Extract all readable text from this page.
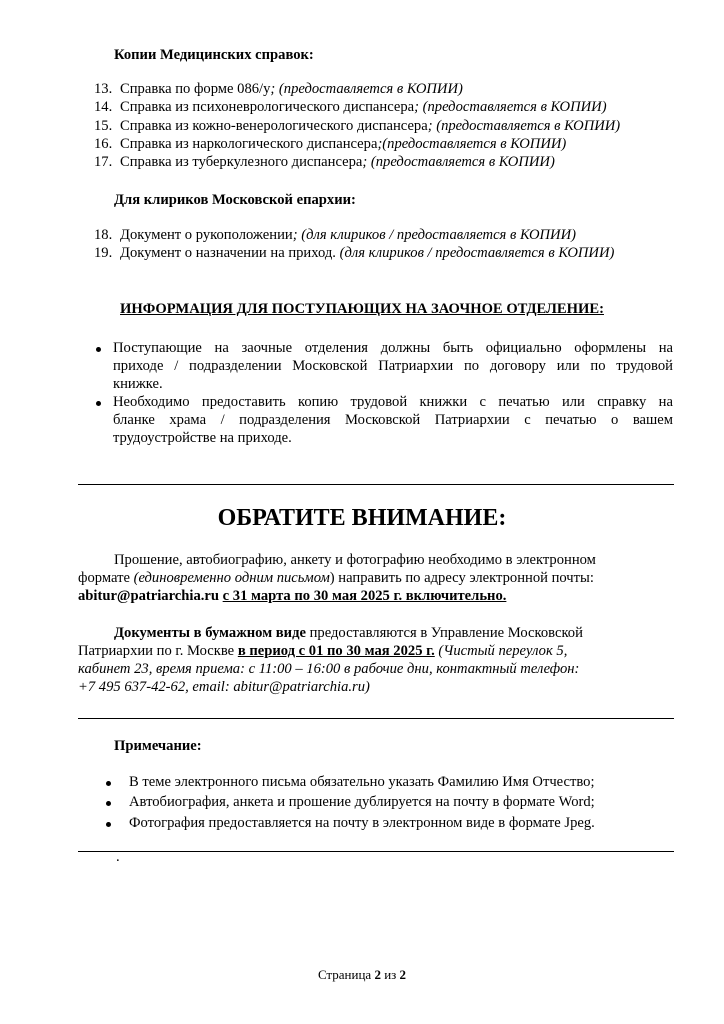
Копии Медицинских справок:
13. Справка по форме 086/у; (предоставляется в КОПИИ)
14. Справка из психоневрологического диспансера; (предоставляется в КОПИИ)
15. Справка из кожно-венерологического диспансера; (предоставляется в КОПИИ)
16. Справка из наркологического диспансера;(предоставляется в КОПИИ)
17. Справка из туберкулезного диспансера; (предоставляется в КОПИИ)
Для клириков Московской епархии:
18. Документ о рукоположении; (для клириков / предоставляется в КОПИИ)
19. Документ о назначении на приход. (для клириков / предоставляется в КОПИИ)
ИНФОРМАЦИЯ ДЛЯ ПОСТУПАЮЩИХ НА ЗАОЧНОЕ ОТДЕЛЕНИЕ:
Поступающие на заочные отделения должны быть официально оформлены на
приходе / подразделении Московской Патриархии по договору или по трудовой
книжке.
Необходимо предоставить копию трудовой книжки с печатью или справку на
бланке храма / подразделения Московской Патриархии с печатью о вашем
трудоустройстве на приходе.
ОБРАТИТЕ ВНИМАНИЕ:
Прошение, автобиографию, анкету и фотографию необходимо в электронном
формате (единовременно одним письмом) направить по адресу электронной почты:
abitur@patriarchia.ru с 31 марта по 30 мая 2025 г. включительно.
Документы в бумажном виде предоставляются в Управление Московской
Патриархии по г. Москве в период с 01 по 30 мая 2025 г. (Чистый переулок 5,
кабинет 23, время приема: с 11:00 – 16:00 в рабочие дни, контактный телефон:
+7 495 637-42-62, email: abitur@patriarchia.ru)
Примечание:
В теме электронного письма обязательно указать Фамилию Имя Отчество;
Автобиография, анкета и прошение дублируется на почту в формате Word;
Фотография предоставляется на почту в электронном виде в формате Jpeg.
.
Страница 2 из 2
